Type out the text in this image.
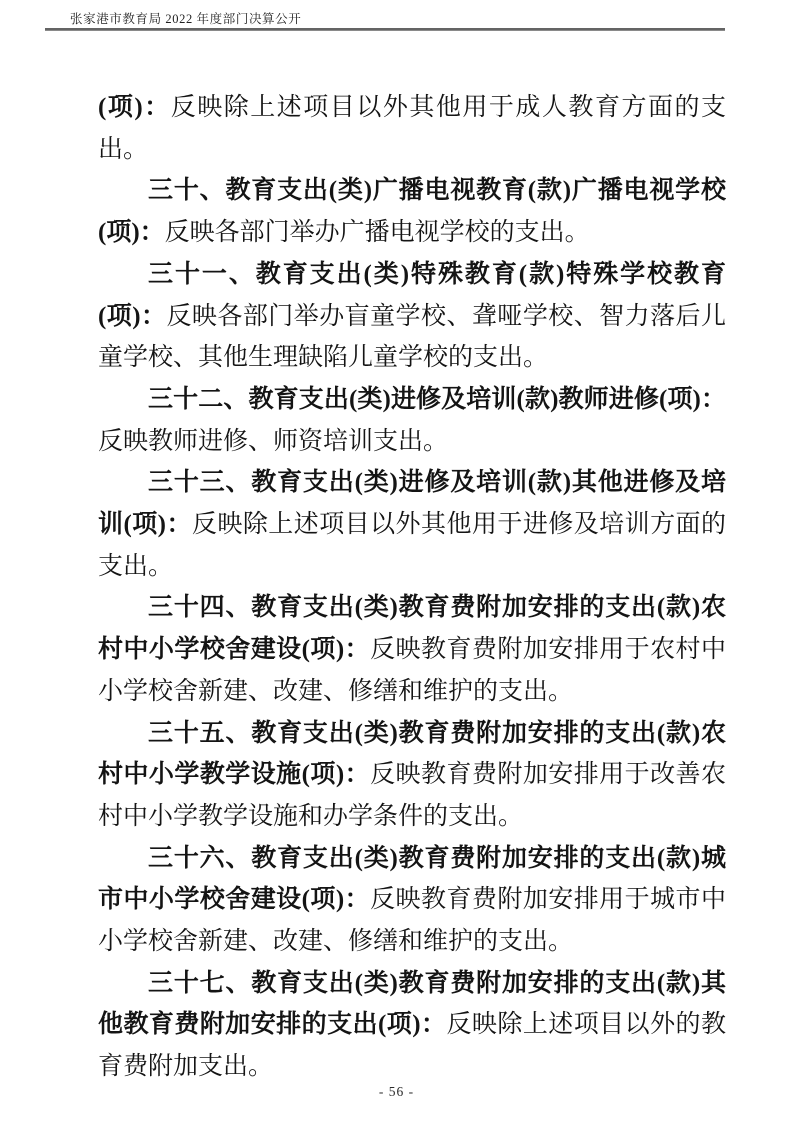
张家港市教育局 2022 年度部门决算公开

(项)：反映除上述项目以外其他用于成人教育方面的支出。

三十、教育支出(类)广播电视教育(款)广播电视学校(项)：反映各部门举办广播电视学校的支出。

三十一、教育支出(类)特殊教育(款)特殊学校教育(项)：反映各部门举办盲童学校、聋哑学校、智力落后儿童学校、其他生理缺陷儿童学校的支出。

三十二、教育支出(类)进修及培训(款)教师进修(项)：反映教师进修、师资培训支出。

三十三、教育支出(类)进修及培训(款)其他进修及培训(项)：反映除上述项目以外其他用于进修及培训方面的支出。

三十四、教育支出(类)教育费附加安排的支出(款)农村中小学校舍建设(项)：反映教育费附加安排用于农村中小学校舍新建、改建、修缮和维护的支出。

三十五、教育支出(类)教育费附加安排的支出(款)农村中小学教学设施(项)：反映教育费附加安排用于改善农村中小学教学设施和办学条件的支出。

三十六、教育支出(类)教育费附加安排的支出(款)城市中小学校舍建设(项)：反映教育费附加安排用于城市中小学校舍新建、改建、修缮和维护的支出。

三十七、教育支出(类)教育费附加安排的支出(款)其他教育费附加安排的支出(项)：反映除上述项目以外的教育费附加支出。

- 56 -
